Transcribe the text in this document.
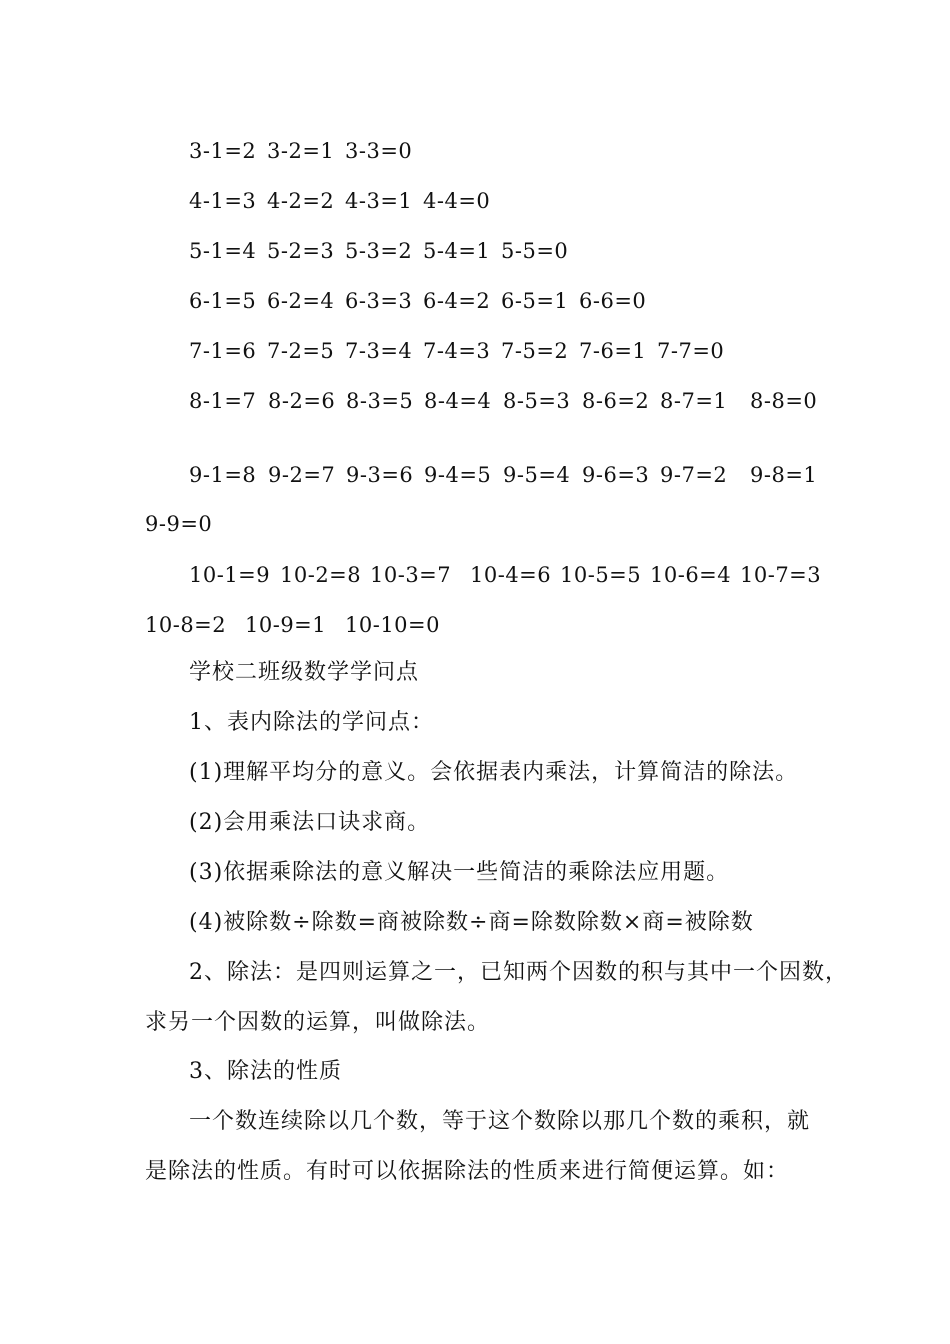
3-1=2 3-2=1 3-3=0
4-1=3 4-2=2 4-3=1 4-4=0
5-1=4 5-2=3 5-3=2 5-4=1 5-5=0
6-1=5 6-2=4 6-3=3 6-4=2 6-5=1 6-6=0
7-1=6 7-2=5 7-3=4 7-4=3 7-5=2 7-6=1 7-7=0
8-1=7 8-2=6 8-3=5 8-4=4 8-5=3 8-6=2 8-7=1 8-8=0
9-1=8 9-2=7 9-3=6 9-4=5 9-5=4 9-6=3 9-7=2 9-8=1
9-9=0
10-1=9 10-2=8 10-3=7 10-4=6 10-5=5 10-6=4 10-7=3
10-8=2 10-9=1 10-10=0
学校二班级数学学问点
1、表内除法的学问点：
(1)理解平均分的意义。会依据表内乘法，计算简洁的除法。
(2)会用乘法口诀求商。
(3)依据乘除法的意义解决一些简洁的乘除法应用题。
(4)被除数÷除数=商被除数÷商=除数除数×商=被除数
2、除法：是四则运算之一，已知两个因数的积与其中一个因数，
求另一个因数的运算，叫做除法。
3、除法的性质
一个数连续除以几个数，等于这个数除以那几个数的乘积，就
是除法的性质。有时可以依据除法的性质来进行简便运算。如：
